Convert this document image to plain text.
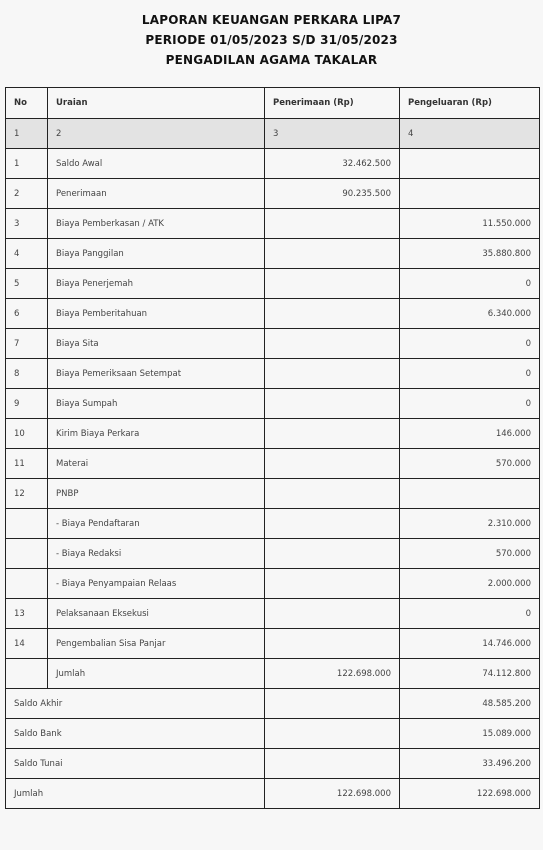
LAPORAN KEUANGAN PERKARA LIPA7
PERIODE 01/05/2023 S/D 31/05/2023
PENGADILAN AGAMA TAKALAR
No	Uraian	Penerimaan (Rp)	Pengeluaran (Rp)
1	2	3	4
1	Saldo Awal	32.462.500	
2	Penerimaan	90.235.500	
3	Biaya Pemberkasan / ATK		11.550.000
4	Biaya Panggilan		35.880.800
5	Biaya Penerjemah		0
6	Biaya Pemberitahuan		6.340.000
7	Biaya Sita		0
8	Biaya Pemeriksaan Setempat		0
9	Biaya Sumpah		0
10	Kirim Biaya Perkara		146.000
11	Materai		570.000
12	PNBP		
	- Biaya Pendaftaran		2.310.000
	- Biaya Redaksi		570.000
	- Biaya Penyampaian Relaas		2.000.000
13	Pelaksanaan Eksekusi		0
14	Pengembalian Sisa Panjar		14.746.000
	Jumlah	122.698.000	74.112.800
Saldo Akhir			48.585.200
Saldo Bank			15.089.000
Saldo Tunai			33.496.200
Jumlah		122.698.000	122.698.000
